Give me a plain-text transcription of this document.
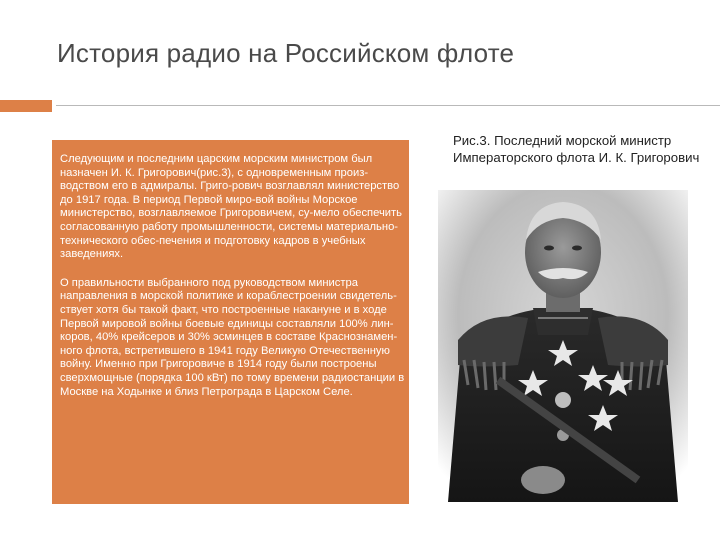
История радио на Российском флоте

Следующим и последним царским морским министром был назначен И. К. Григорович(рис.3), с одновременным произ-водством его в адмиралы. Григо-рович возглавлял министерство до 1917 года. В период Первой миро-вой войны Морское министерство, возглавляемое Григоровичем, су-мело обеспечить согласованную работу промышленности, системы материально-технического обес-печения и подготовку кадров в учебных заведениях.

О правильности выбранного под руководством министра направления в морской политике и кораблестроении свидетель-ствует хотя бы такой факт, что построенные накануне и в ходе Первой мировой войны боевые единицы составляли 100% лин-коров, 40% крейсеров и 30% эсминцев в составе Краснознамен-ного флота, встретившего в 1941 году Великую Отечественную войну. Именно при Григоровиче в 1914 году были построены сверхмощные (порядка 100 кВт) по тому времени радиостанции в Москве на Ходынке и близ Петрограда в Царском Селе.

Рис.3. Последний морской министр Императорского флота И. К. Григорович
